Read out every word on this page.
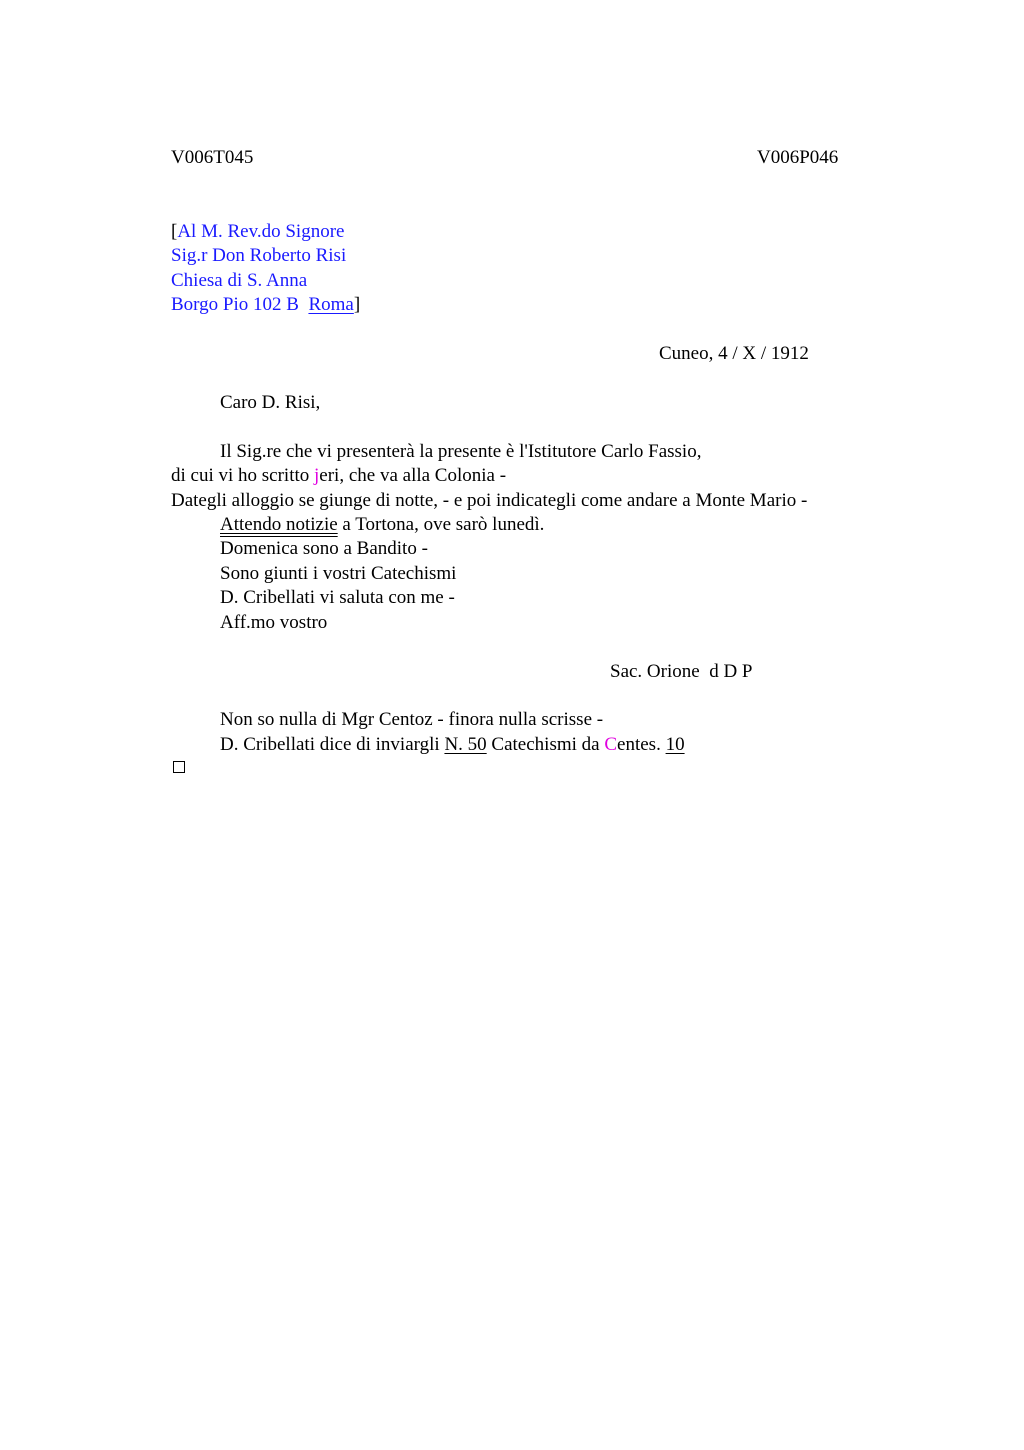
V006T045	V006P046
[Al M. Rev.do Signore
Sig.r Don Roberto Risi
Chiesa di S. Anna
Borgo Pio 102 B  Roma]
Cuneo, 4 / X / 1912
Caro D. Risi,
Il Sig.re che vi presenterà la presente è l'Istitutore Carlo Fassio,
di cui vi ho scritto jeri, che va alla Colonia -
Dategli alloggio se giunge di notte, - e poi indicategli come andare a Monte Mario -
Attendo notizie a Tortona, ove sarò lunedì.
Domenica sono a Bandito -
Sono giunti i vostri Catechismi
D. Cribellati vi saluta con me -
Aff.mo vostro
Sac. Orione  d D P
Non so nulla di Mgr Centoz - finora nulla scrisse -
D. Cribellati dice di inviargli N. 50 Catechismi da Centes. 10
